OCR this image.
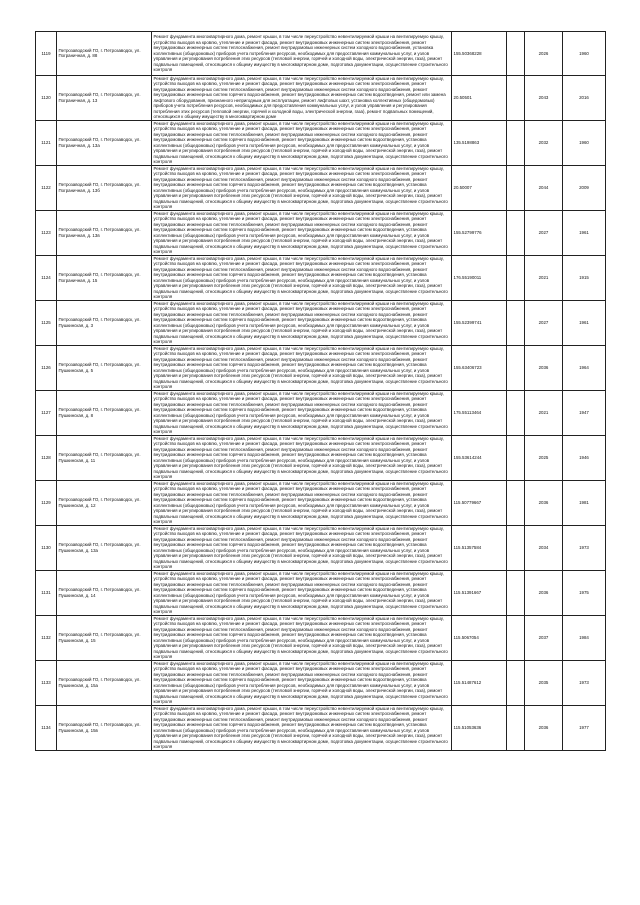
1119	Петрозаводский ГО, г. Петрозаводск, ул. Пограничная, д. 88	Ремонт фундамента многоквартирного дома, ремонт крыши, в том числе переустройство невентилируемой крыши на вентилируемую крышу, устройство выходов на кровлю, утепление и ремонт фасада, ремонт внутридомовых инженерных систем электроснабжения, ремонт внутридомовых инженерных систем теплоснабжения, ремонт внутридомовых инженерных систем холодного водоснабжения, установка коллективных (общедомовых) приборов учета потребления ресурсов, необходимых для предоставления коммунальных услуг, и узлов управления и регулирования потребления этих ресурсов (тепловой энергии, горячей и холодной воды, электрической энергии, газа), ремонт подвальных помещений, относящихся к общему имуществу в многоквартирном доме, подготовка документации, осуществление строительного контроля	155.50368228		2026	1960
1120	Петрозаводский ГО, г. Петрозаводск, ул. Пограничная, д. 13	Ремонт фундамента многоквартирного дома, ремонт крыши, в том числе переустройство невентилируемой крыши на вентилируемую крышу, устройство выходов на кровлю, утепление и ремонт фасада, ремонт внутридомовых инженерных систем электроснабжения, ремонт внутридомовых инженерных систем теплоснабжения, ремонт внутридомовых инженерных систем холодного водоснабжения, ремонт внутридомовых инженерных систем горячего водоснабжения, ремонт внутридомовых инженерных систем водоотведения, ремонт или замена лифтового оборудования, признанного непригодным для эксплуатации, ремонт лифтовых шахт, установка коллективных (общедомовых) приборов учета потребления ресурсов, необходимых для предоставления коммунальных услуг, и узлов управления и регулирования потребления этих ресурсов (тепловой энергии, горячей и холодной воды, электрической энергии, газа), ремонт подвальных помещений, относящихся к общему имуществу в многоквартирном доме	20.50501		2043	2016
1121	Петрозаводский ГО, г. Петрозаводск, ул. Пограничная, д. 13а	Ремонт фундамента многоквартирного дома, ремонт крыши, в том числе переустройство невентилируемой крыши на вентилируемую крышу, устройство выходов на кровлю, утепление и ремонт фасада, ремонт внутридомовых инженерных систем электроснабжения, ремонт внутридомовых инженерных систем теплоснабжения, ремонт внутридомовых инженерных систем холодного водоснабжения, ремонт внутридомовых инженерных систем горячего водоснабжения, ремонт внутридомовых инженерных систем водоотведения, установка коллективных (общедомовых) приборов учета потребления ресурсов, необходимых для предоставления коммунальных услуг, и узлов управления и регулирования потребления этих ресурсов (тепловой энергии, горячей и холодной воды, электрической энергии, газа), ремонт подвальных помещений, относящихся к общему имуществу в многоквартирном доме, подготовка документации, осуществление строительного контроля	135.5198863		2032	1960
1122	Петрозаводский ГО, г. Петрозаводск, ул. Пограничная, д. 13б	Ремонт фундамента многоквартирного дома, ремонт крыши, в том числе переустройство невентилируемой крыши на вентилируемую крышу, устройство выходов на кровлю, утепление и ремонт фасада, ремонт внутридомовых инженерных систем электроснабжения, ремонт внутридомовых инженерных систем теплоснабжения, ремонт внутридомовых инженерных систем холодного водоснабжения, ремонт внутридомовых инженерных систем горячего водоснабжения, ремонт внутридомовых инженерных систем водоотведения, установка коллективных (общедомовых) приборов учета потребления ресурсов, необходимых для предоставления коммунальных услуг, и узлов управления и регулирования потребления этих ресурсов (тепловой энергии, горячей и холодной воды, электрической энергии, газа), ремонт подвальных помещений, относящихся к общему имуществу в многоквартирном доме, подготовка документации, осуществление строительного контроля	20.50007		2044	2009
1123	Петрозаводский ГО, г. Петрозаводск, ул. Пограничная, д. 13в	Ремонт фундамента многоквартирного дома, ремонт крыши, в том числе переустройство невентилируемой крыши на вентилируемую крышу, устройство выходов на кровлю, утепление и ремонт фасада, ремонт внутридомовых инженерных систем электроснабжения, ремонт внутридомовых инженерных систем теплоснабжения, ремонт внутридомовых инженерных систем холодного водоснабжения, ремонт внутридомовых инженерных систем горячего водоснабжения, ремонт внутридомовых инженерных систем водоотведения, установка коллективных (общедомовых) приборов учета потребления ресурсов, необходимых для предоставления коммунальных услуг, и узлов управления и регулирования потребления этих ресурсов (тепловой энергии, горячей и холодной воды, электрической энергии, газа), ремонт подвальных помещений, относящихся к общему имуществу в многоквартирном доме, подготовка документации, осуществление строительного контроля	155.52799776		2027	1961
1124	Петрозаводский ГО, г. Петрозаводск, ул. Пограничная, д. 15	Ремонт фундамента многоквартирного дома, ремонт крыши, в том числе переустройство невентилируемой крыши на вентилируемую крышу, устройство выходов на кровлю, утепление и ремонт фасада, ремонт внутридомовых инженерных систем электроснабжения, ремонт внутридомовых инженерных систем теплоснабжения, ремонт внутридомовых инженерных систем холодного водоснабжения, ремонт внутридомовых инженерных систем горячего водоснабжения, ремонт внутридомовых инженерных систем водоотведения, установка коллективных (общедомовых) приборов учета потребления ресурсов, необходимых для предоставления коммунальных услуг, и узлов управления и регулирования потребления этих ресурсов (тепловой энергии, горячей и холодной воды, электрической энергии, газа), ремонт подвальных помещений, относящихся к общему имуществу в многоквартирном доме, подготовка документации, осуществление строительного контроля	176.55190011		2021	1915
1125	Петрозаводский ГО, г. Петрозаводск, ул. Пушкинская, д. 3	Ремонт фундамента многоквартирного дома, ремонт крыши, в том числе переустройство невентилируемой крыши на вентилируемую крышу, устройство выходов на кровлю, утепление и ремонт фасада, ремонт внутридомовых инженерных систем электроснабжения, ремонт внутридомовых инженерных систем теплоснабжения, ремонт внутридомовых инженерных систем холодного водоснабжения, ремонт внутридомовых инженерных систем горячего водоснабжения, ремонт внутридомовых инженерных систем водоотведения, установка коллективных (общедомовых) приборов учета потребления ресурсов, необходимых для предоставления коммунальных услуг, и узлов управления и регулирования потребления этих ресурсов (тепловой энергии, горячей и холодной воды, электрической энергии, газа), ремонт подвальных помещений, относящихся к общему имуществу в многоквартирном доме, подготовка документации, осуществление строительного контроля	155.52399741		2027	1961
1126	Петрозаводский ГО, г. Петрозаводск, ул. Пушкинская, д. 5	Ремонт фундамента многоквартирного дома, ремонт крыши, в том числе переустройство невентилируемой крыши на вентилируемую крышу, устройство выходов на кровлю, утепление и ремонт фасада, ремонт внутридомовых инженерных систем электроснабжения, ремонт внутридомовых инженерных систем теплоснабжения, ремонт внутридомовых инженерных систем холодного водоснабжения, ремонт внутридомовых инженерных систем горячего водоснабжения, ремонт внутридомовых инженерных систем водоотведения, установка коллективных (общедомовых) приборов учета потребления ресурсов, необходимых для предоставления коммунальных услуг, и узлов управления и регулирования потребления этих ресурсов (тепловой энергии, горячей и холодной воды, электрической энергии, газа), ремонт подвальных помещений, относящихся к общему имуществу в многоквартирном доме, подготовка документации, осуществление строительного контроля	155.63406723		2036	1964
1127	Петрозаводский ГО, г. Петрозаводск, ул. Пушкинская, д. 8	Ремонт фундамента многоквартирного дома, ремонт крыши, в том числе переустройство невентилируемой крыши на вентилируемую крышу, устройство выходов на кровлю, утепление и ремонт фасада, ремонт внутридомовых инженерных систем электроснабжения, ремонт внутридомовых инженерных систем теплоснабжения, ремонт внутридомовых инженерных систем холодного водоснабжения, ремонт внутридомовых инженерных систем горячего водоснабжения, ремонт внутридомовых инженерных систем водоотведения, установка коллективных (общедомовых) приборов учета потребления ресурсов, необходимых для предоставления коммунальных услуг, и узлов управления и регулирования потребления этих ресурсов (тепловой энергии, горячей и холодной воды, электрической энергии, газа), ремонт подвальных помещений, относящихся к общему имуществу в многоквартирном доме, подготовка документации, осуществление строительного контроля	175.55113464		2021	1947
1128	Петрозаводский ГО, г. Петрозаводск, ул. Пушкинская, д. 11	Ремонт фундамента многоквартирного дома, ремонт крыши, в том числе переустройство невентилируемой крыши на вентилируемую крышу, устройство выходов на кровлю, утепление и ремонт фасада, ремонт внутридомовых инженерных систем электроснабжения, ремонт внутридомовых инженерных систем теплоснабжения, ремонт внутридомовых инженерных систем холодного водоснабжения, ремонт внутридомовых инженерных систем горячего водоснабжения, ремонт внутридомовых инженерных систем водоотведения, установка коллективных (общедомовых) приборов учета потребления ресурсов, необходимых для предоставления коммунальных услуг, и узлов управления и регулирования потребления этих ресурсов (тепловой энергии, горячей и холодной воды, электрической энергии, газа), ремонт подвальных помещений, относящихся к общему имуществу в многоквартирном доме, подготовка документации, осуществление строительного контроля	155.53614244		2025	1946
1129	Петрозаводский ГО, г. Петрозаводск, ул. Пушкинская, д. 12	Ремонт фундамента многоквартирного дома, ремонт крыши, в том числе переустройство невентилируемой крыши на вентилируемую крышу, устройство выходов на кровлю, утепление и ремонт фасада, ремонт внутридомовых инженерных систем электроснабжения, ремонт внутридомовых инженерных систем теплоснабжения, ремонт внутридомовых инженерных систем холодного водоснабжения, ремонт внутридомовых инженерных систем горячего водоснабжения, ремонт внутридомовых инженерных систем водоотведения, установка коллективных (общедомовых) приборов учета потребления ресурсов, необходимых для предоставления коммунальных услуг, и узлов управления и регулирования потребления этих ресурсов (тепловой энергии, горячей и холодной воды, электрической энергии, газа), ремонт подвальных помещений, относящихся к общему имуществу в многоквартирном доме, подготовка документации, осуществление строительного контроля	115.50779667		2036	1981
1130	Петрозаводский ГО, г. Петрозаводск, ул. Пушкинская, д. 13а	Ремонт фундамента многоквартирного дома, ремонт крыши, в том числе переустройство невентилируемой крыши на вентилируемую крышу, устройство выходов на кровлю, утепление и ремонт фасада, ремонт внутридомовых инженерных систем электроснабжения, ремонт внутридомовых инженерных систем теплоснабжения, ремонт внутридомовых инженерных систем холодного водоснабжения, ремонт внутридомовых инженерных систем горячего водоснабжения, ремонт внутридомовых инженерных систем водоотведения, установка коллективных (общедомовых) приборов учета потребления ресурсов, необходимых для предоставления коммунальных услуг, и узлов управления и регулирования потребления этих ресурсов (тепловой энергии, горячей и холодной воды, электрической энергии, газа), ремонт подвальных помещений, относящихся к общему имуществу в многоквартирном доме, подготовка документации, осуществление строительного контроля	115.51357584		2034	1973
1131	Петрозаводский ГО, г. Петрозаводск, ул. Пушкинская, д. 14	Ремонт фундамента многоквартирного дома, ремонт крыши, в том числе переустройство невентилируемой крыши на вентилируемую крышу, устройство выходов на кровлю, утепление и ремонт фасада, ремонт внутридомовых инженерных систем электроснабжения, ремонт внутридомовых инженерных систем теплоснабжения, ремонт внутридомовых инженерных систем холодного водоснабжения, ремонт внутридомовых инженерных систем горячего водоснабжения, ремонт внутридомовых инженерных систем водоотведения, установка коллективных (общедомовых) приборов учета потребления ресурсов, необходимых для предоставления коммунальных услуг, и узлов управления и регулирования потребления этих ресурсов (тепловой энергии, горячей и холодной воды, электрической энергии, газа), ремонт подвальных помещений, относящихся к общему имуществу в многоквартирном доме, подготовка документации, осуществление строительного контроля	115.51391667		2036	1975
1132	Петрозаводский ГО, г. Петрозаводск, ул. Пушкинская, д. 15	Ремонт фундамента многоквартирного дома, ремонт крыши, в том числе переустройство невентилируемой крыши на вентилируемую крышу, устройство выходов на кровлю, утепление и ремонт фасада, ремонт внутридомовых инженерных систем электроснабжения, ремонт внутридомовых инженерных систем теплоснабжения, ремонт внутридомовых инженерных систем холодного водоснабжения, ремонт внутридомовых инженерных систем горячего водоснабжения, ремонт внутридомовых инженерных систем водоотведения, установка коллективных (общедомовых) приборов учета потребления ресурсов, необходимых для предоставления коммунальных услуг, и узлов управления и регулирования потребления этих ресурсов (тепловой энергии, горячей и холодной воды, электрической энергии, газа), ремонт подвальных помещений, относящихся к общему имуществу в многоквартирном доме, подготовка документации, осуществление строительного контроля	115.5067054		2037	1984
1133	Петрозаводский ГО, г. Петрозаводск, ул. Пушкинская, д. 15а	Ремонт фундамента многоквартирного дома, ремонт крыши, в том числе переустройство невентилируемой крыши на вентилируемую крышу, устройство выходов на кровлю, утепление и ремонт фасада, ремонт внутридомовых инженерных систем электроснабжения, ремонт внутридомовых инженерных систем теплоснабжения, ремонт внутридомовых инженерных систем холодного водоснабжения, ремонт внутридомовых инженерных систем горячего водоснабжения, ремонт внутридомовых инженерных систем водоотведения, установка коллективных (общедомовых) приборов учета потребления ресурсов, необходимых для предоставления коммунальных услуг, и узлов управления и регулирования потребления этих ресурсов (тепловой энергии, горячей и холодной воды, электрической энергии, газа), ремонт подвальных помещений, относящихся к общему имуществу в многоквартирном доме, подготовка документации, осуществление строительного контроля	115.51487612		2035	1973
1134	Петрозаводский ГО, г. Петрозаводск, ул. Пушкинская, д. 15в	Ремонт фундамента многоквартирного дома, ремонт крыши, в том числе переустройство невентилируемой крыши на вентилируемую крышу, устройство выходов на кровлю, утепление и ремонт фасада, ремонт внутридомовых инженерных систем электроснабжения, ремонт внутридомовых инженерных систем теплоснабжения, ремонт внутридомовых инженерных систем холодного водоснабжения, ремонт внутридомовых инженерных систем горячего водоснабжения, ремонт внутридомовых инженерных систем водоотведения, установка коллективных (общедомовых) приборов учета потребления ресурсов, необходимых для предоставления коммунальных услуг, и узлов управления и регулирования потребления этих ресурсов (тепловой энергии, горячей и холодной воды, электрической энергии, газа), ремонт подвальных помещений, относящихся к общему имуществу в многоквартирном доме, подготовка документации, осуществление строительного контроля	115.51053636		2036	1977
